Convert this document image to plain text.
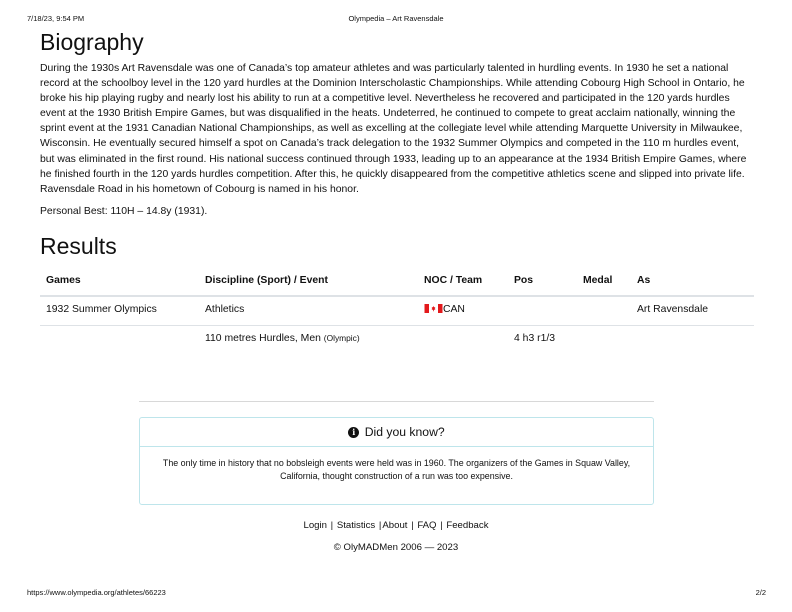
7/18/23, 9:54 PM	Olympedia – Art Ravensdale
Biography

During the 1930s Art Ravensdale was one of Canada’s top amateur athletes and was particularly talented in hurdling events. In 1930 he set a national record at the schoolboy level in the 120 yard hurdles at the Dominion Interscholastic Championships. While attending Cobourg High School in Ontario, he broke his hip playing rugby and nearly lost his ability to run at a competitive level. Nevertheless he recovered and participated in the 120 yards hurdles event at the 1930 British Empire Games, but was disqualified in the heats. Undeterred, he continued to compete to great acclaim nationally, winning the sprint event at the 1931 Canadian National Championships, as well as excelling at the collegiate level while attending Marquette University in Milwaukee, Wisconsin. He eventually secured himself a spot on Canada’s track delegation to the 1932 Summer Olympics and competed in the 110 m hurdles event, but was eliminated in the first round. His national success continued through 1933, leading up to an appearance at the 1934 British Empire Games, where he finished fourth in the 120 yards hurdles competition. After this, he quickly disappeared from the competitive athletics scene and slipped into private life. Ravensdale Road in his hometown of Cobourg is named in his honor.

Personal Best: 110H – 14.8y (1931).

Results
Games	Discipline (Sport) / Event	NOC / Team	Pos	Medal	As
1932 Summer Olympics	Athletics	CAN			Art Ravensdale
	110 metres Hurdles, Men (Olympic)		4 h3 r1/3		
i Did you know?
The only time in history that no bobsleigh events were held was in 1960. The organizers of the Games in Squaw Valley, California, thought construction of a run was too expensive.
Login | Statistics |About | FAQ | Feedback
© OlyMADMen 2006 — 2023
https://www.olympedia.org/athletes/66223	2/2
